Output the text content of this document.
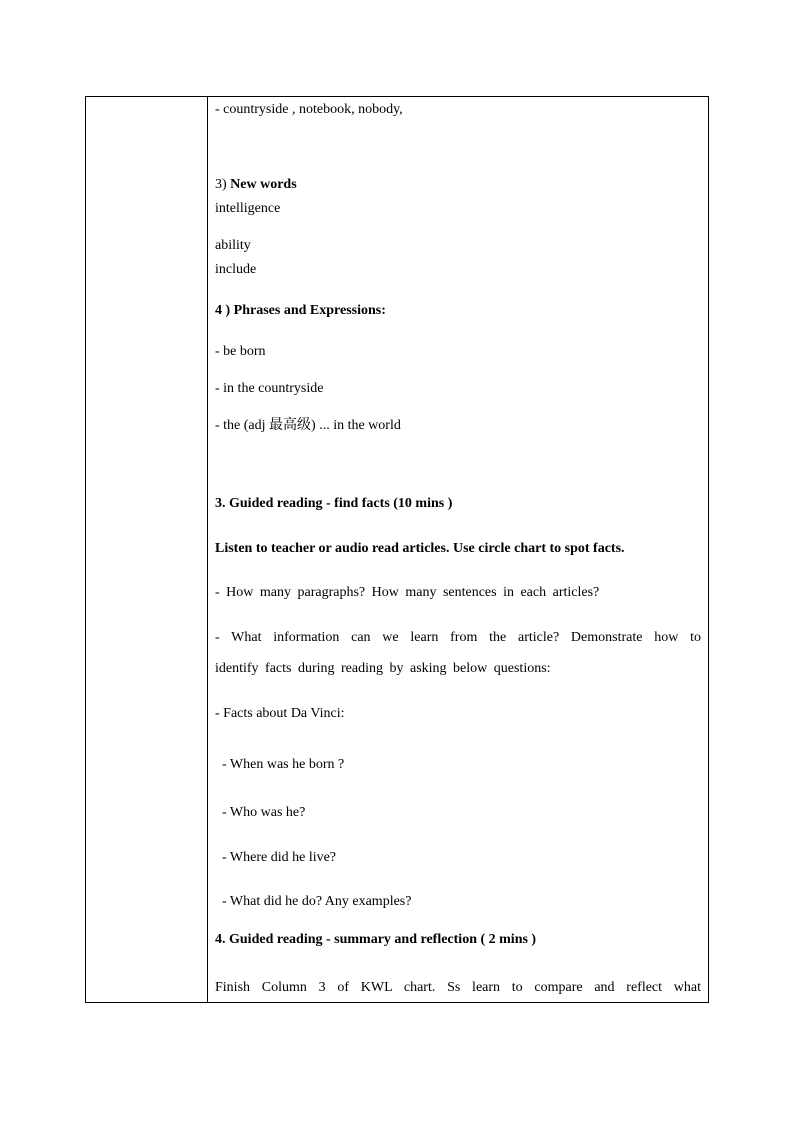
- countryside , notebook, nobody,
3) New words
intelligence
ability
include
4 ) Phrases and Expressions:
- be born
- in the countryside
- the (adj 最高级) ... in the world
3. Guided reading - find facts (10 mins )
Listen to teacher or audio read articles. Use circle chart to spot facts.
- How many paragraphs? How many sentences in each articles?
- What information can we learn from the article? Demonstrate how to
identify facts during reading by asking below questions:
- Facts about Da Vinci:
- When was he born ?
- Who was he?
- Where did he live?
- What did he do? Any examples?
4. Guided reading - summary and reflection ( 2 mins )
Finish Column 3 of KWL chart. Ss learn to compare and reflect what
